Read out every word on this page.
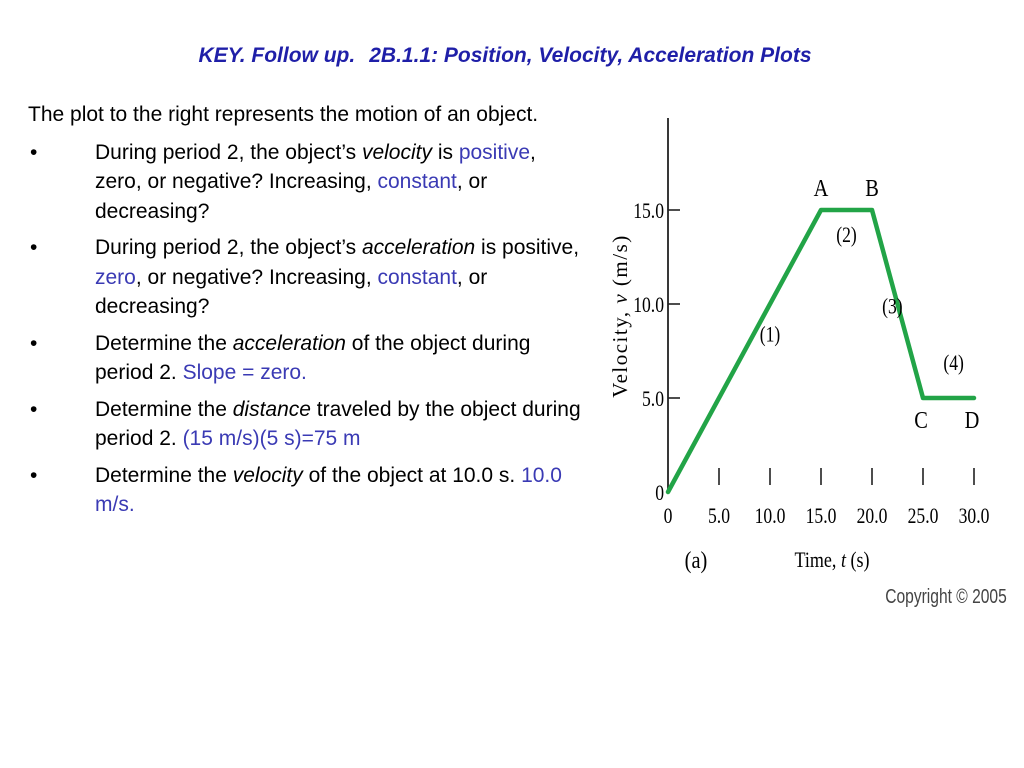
KEY. Follow up. 2B.1.1: Position, Velocity, Acceleration Plots

The plot to the right represents the motion of an object.

•	During period 2, the object’s velocity is positive, zero, or negative? Increasing, constant, or decreasing?
•	During period 2, the object’s acceleration is positive, zero, or negative? Increasing, constant, or decreasing?
•	Determine the acceleration of the object during period 2. Slope = zero.
•	Determine the distance traveled by the object during period 2. (15 m/s)(5 s)=75 m
•	Determine the velocity of the object at 10.0 s. 10.0 m/s.	0
5.0
10.0
15.0
0 5.0 10.0 15.0 20.0 25.0 30.0
A B
C D
(1)
(2)
(3)
(4)
Velocity, v (m/s)
Time, t (s)
(a)
Copyright © 2005
